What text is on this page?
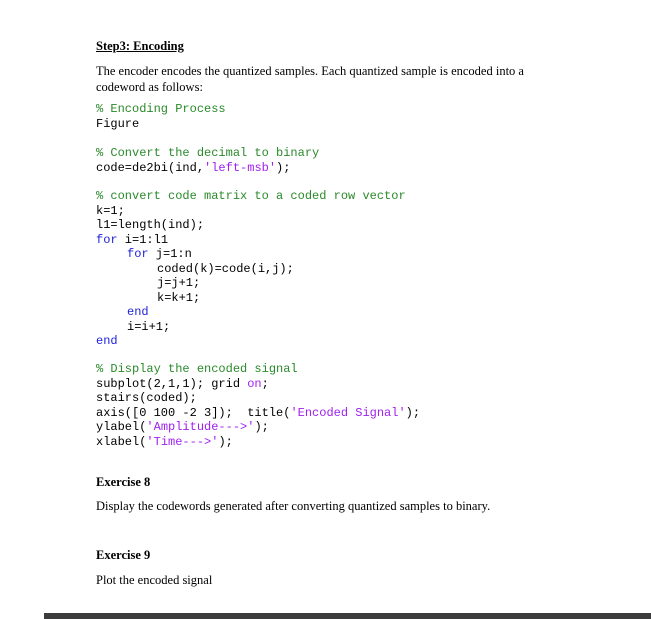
Step3: Encoding
The encoder encodes the quantized samples. Each quantized sample is encoded into a codeword as follows:
% Encoding Process
Figure
% Convert the decimal to binary
code=de2bi(ind,'left-msb');
% convert code matrix to a coded row vector
k=1;
l1=length(ind);
for i=1:l1
for j=1:n
coded(k)=code(i,j);
j=j+1;
k=k+1;
end
i=i+1;
end
% Display the encoded signal
subplot(2,1,1); grid on;
stairs(coded);
axis([0 100 -2 3]);  title('Encoded Signal');
ylabel('Amplitude--->');
xlabel('Time--->');
Exercise 8
Display the codewords generated after converting quantized samples to binary.
Exercise 9
Plot the encoded signal
